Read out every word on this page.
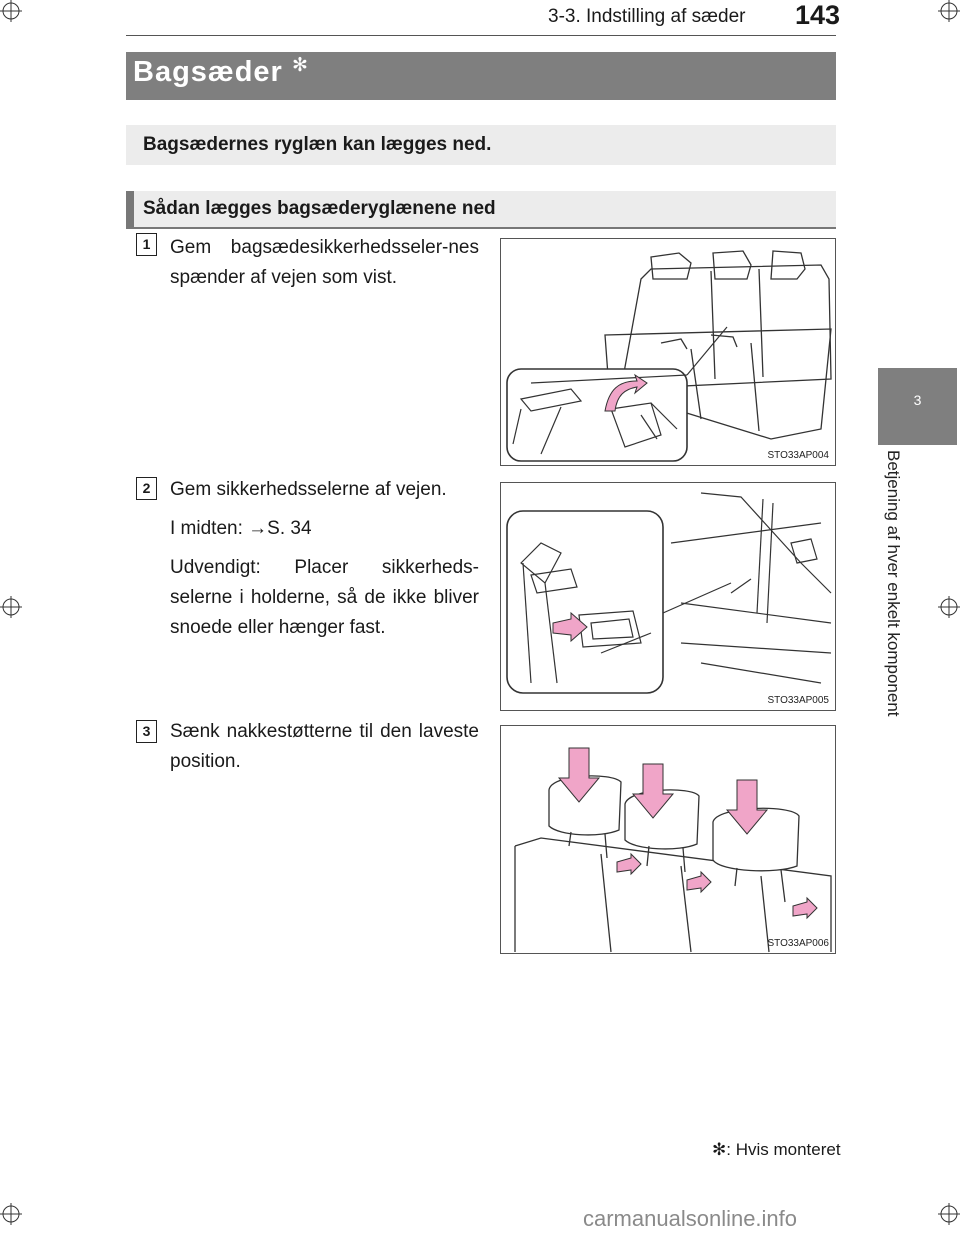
3-3. Indstilling af sæder 143
Bagsæder ✻
Bagsædernes ryglæn kan lægges ned.
Sådan lægges bagsæderyglænene ned
1	Gem bagsædesikkerhedsseler-nes spænder af vejen som vist.

STO33AP004
2	Gem sikkerhedsselerne af vejen.

I midten: →S. 34

Udvendigt: Placer sikkerheds-selerne i holderne, så de ikke bliver snoede eller hænger fast.

STO33AP005
3	Sænk nakkestøtterne til den laveste position.

STO33AP006
3
Betjening af hver enkelt komponent
✻: Hvis monteret
carmanualsonline.info
